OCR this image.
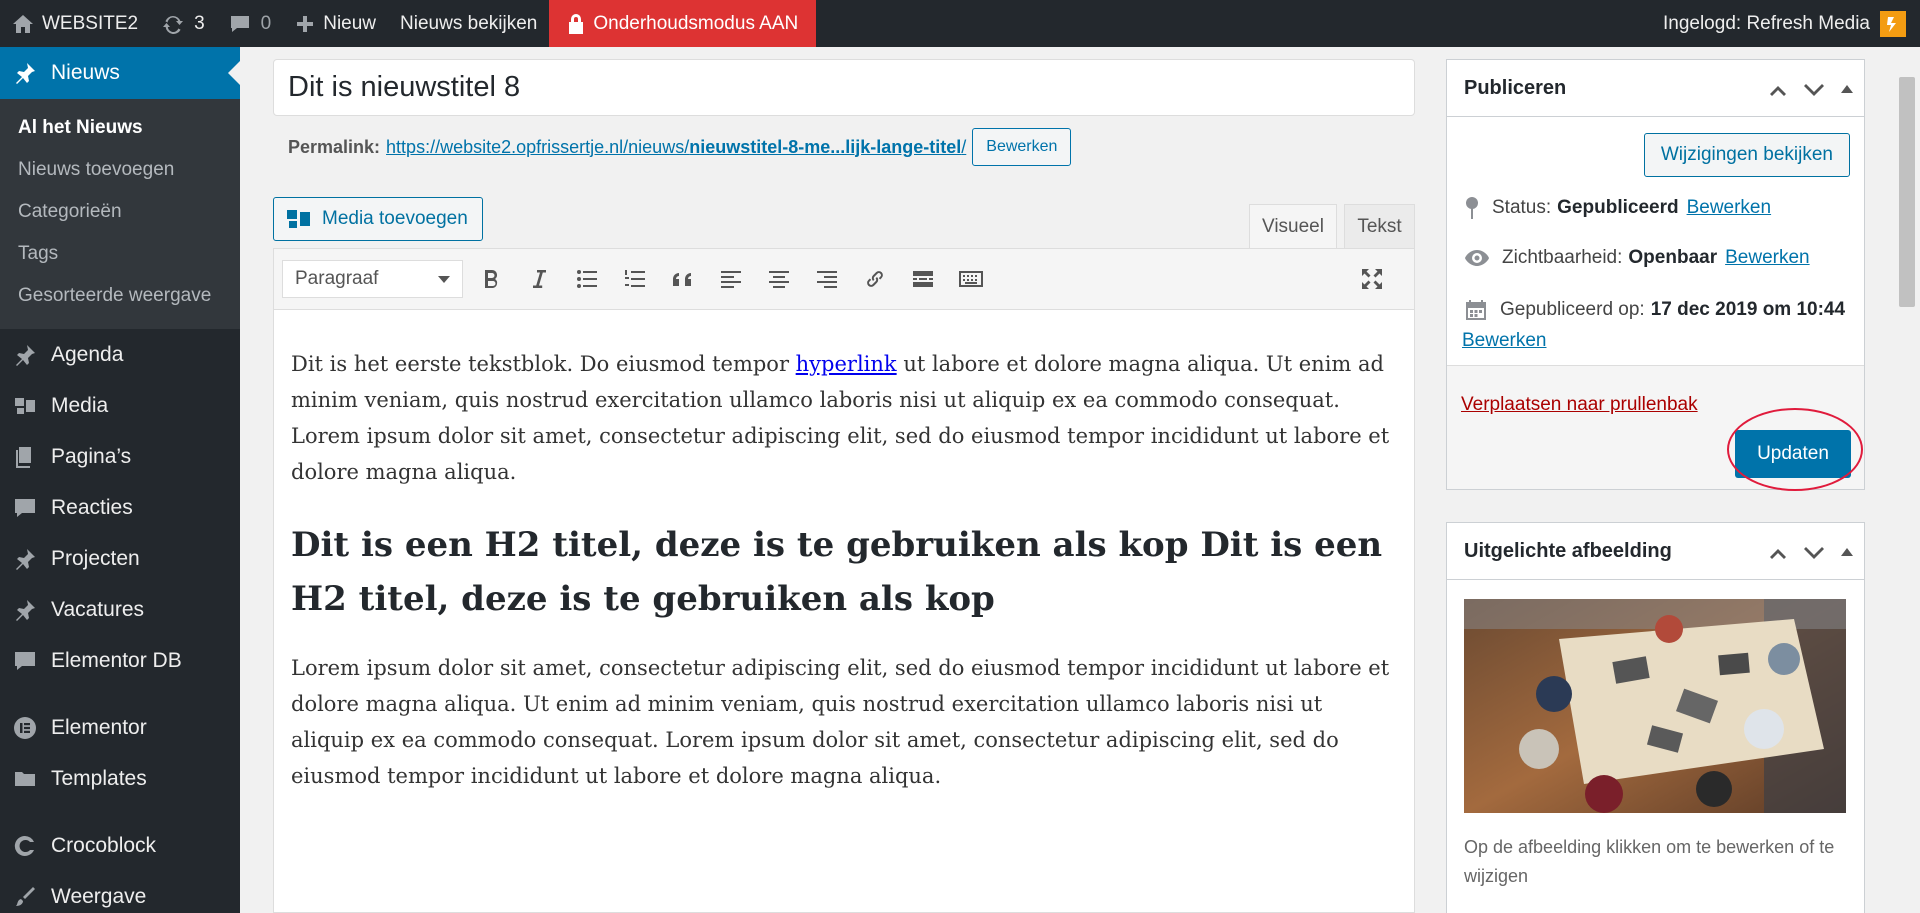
WEBSITE2	3	0	Nieuw Nieuws bekijken	Onderhoudsmodus AAN	Ingelogd: Refresh Media
Nieuws
Al het Nieuws
Nieuws toevoegen
Categorieën
Tags
Gesorteerde weergave
Agenda
Media
Pagina’s
Reacties
Projecten
Vacatures
Elementor DB
Elementor
Templates
Crocoblock
Weergave
Dit is nieuwstitel 8
Permalink: https://website2.opfrissertje.nl/nieuws/nieuwstitel-8-me...lijk-lange-titel/	Bewerken
Media toevoegen	Visueel	Tekst
Paragraaf

Dit is het eerste tekstblok. Do eiusmod tempor hyperlink ut labore et dolore magna aliqua. Ut enim ad minim veniam, quis nostrud exercitation ullamco laboris nisi ut aliquip ex ea commodo consequat. Lorem ipsum dolor sit amet, consectetur adipiscing elit, sed do eiusmod tempor incididunt ut labore et dolore magna aliqua.

Dit is een H2 titel, deze is te gebruiken als kop Dit is een H2 titel, deze is te gebruiken als kop

Lorem ipsum dolor sit amet, consectetur adipiscing elit, sed do eiusmod tempor incididunt ut labore et dolore magna aliqua. Ut enim ad minim veniam, quis nostrud exercitation ullamco laboris nisi ut aliquip ex ea commodo consequat. Lorem ipsum dolor sit amet, consectetur adipiscing elit, sed do eiusmod tempor incididunt ut labore et dolore magna aliqua.

Publiceren
Wijzigingen bekijken
Status: Gepubliceerd Bewerken
Zichtbaarheid: Openbaar Bewerken
Gepubliceerd op: 17 dec 2019 om 10:44
Bewerken
Verplaatsen naar prullenbak
Updaten
Uitgelichte afbeelding
Op de afbeelding klikken om te bewerken of te wijzigen
